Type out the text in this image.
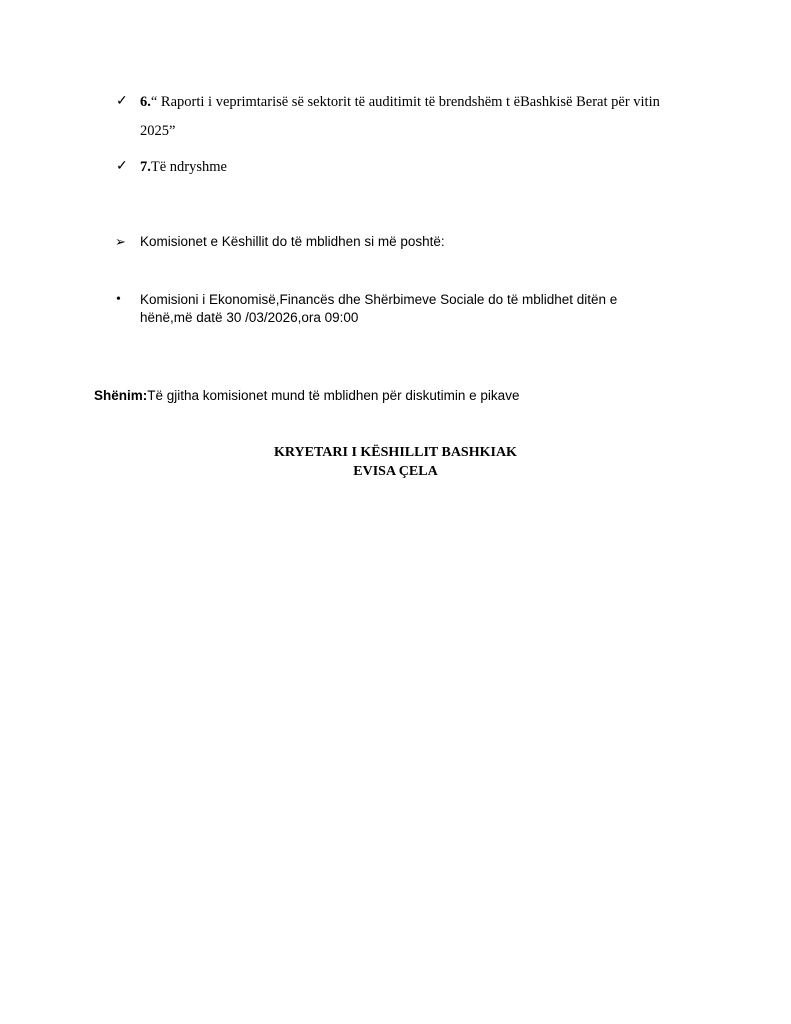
✓ 6.“ Raporti i veprimtarisë së sektorit të auditimit të brendshëm t ëBashkisë Berat për vitin
2025”
✓ 7.Të ndryshme
➢ Komisionet e Këshillit do të mblidhen si më poshtë:
• Komisioni i Ekonomisë,Financës dhe Shërbimeve Sociale do të mblidhet ditën e
hënë,më datë 30 /03/2026,ora 09:00
Shënim:Të gjitha komisionet mund të mblidhen për diskutimin e pikave
KRYETARI I KËSHILLIT BASHKIAK
EVISA ÇELA
